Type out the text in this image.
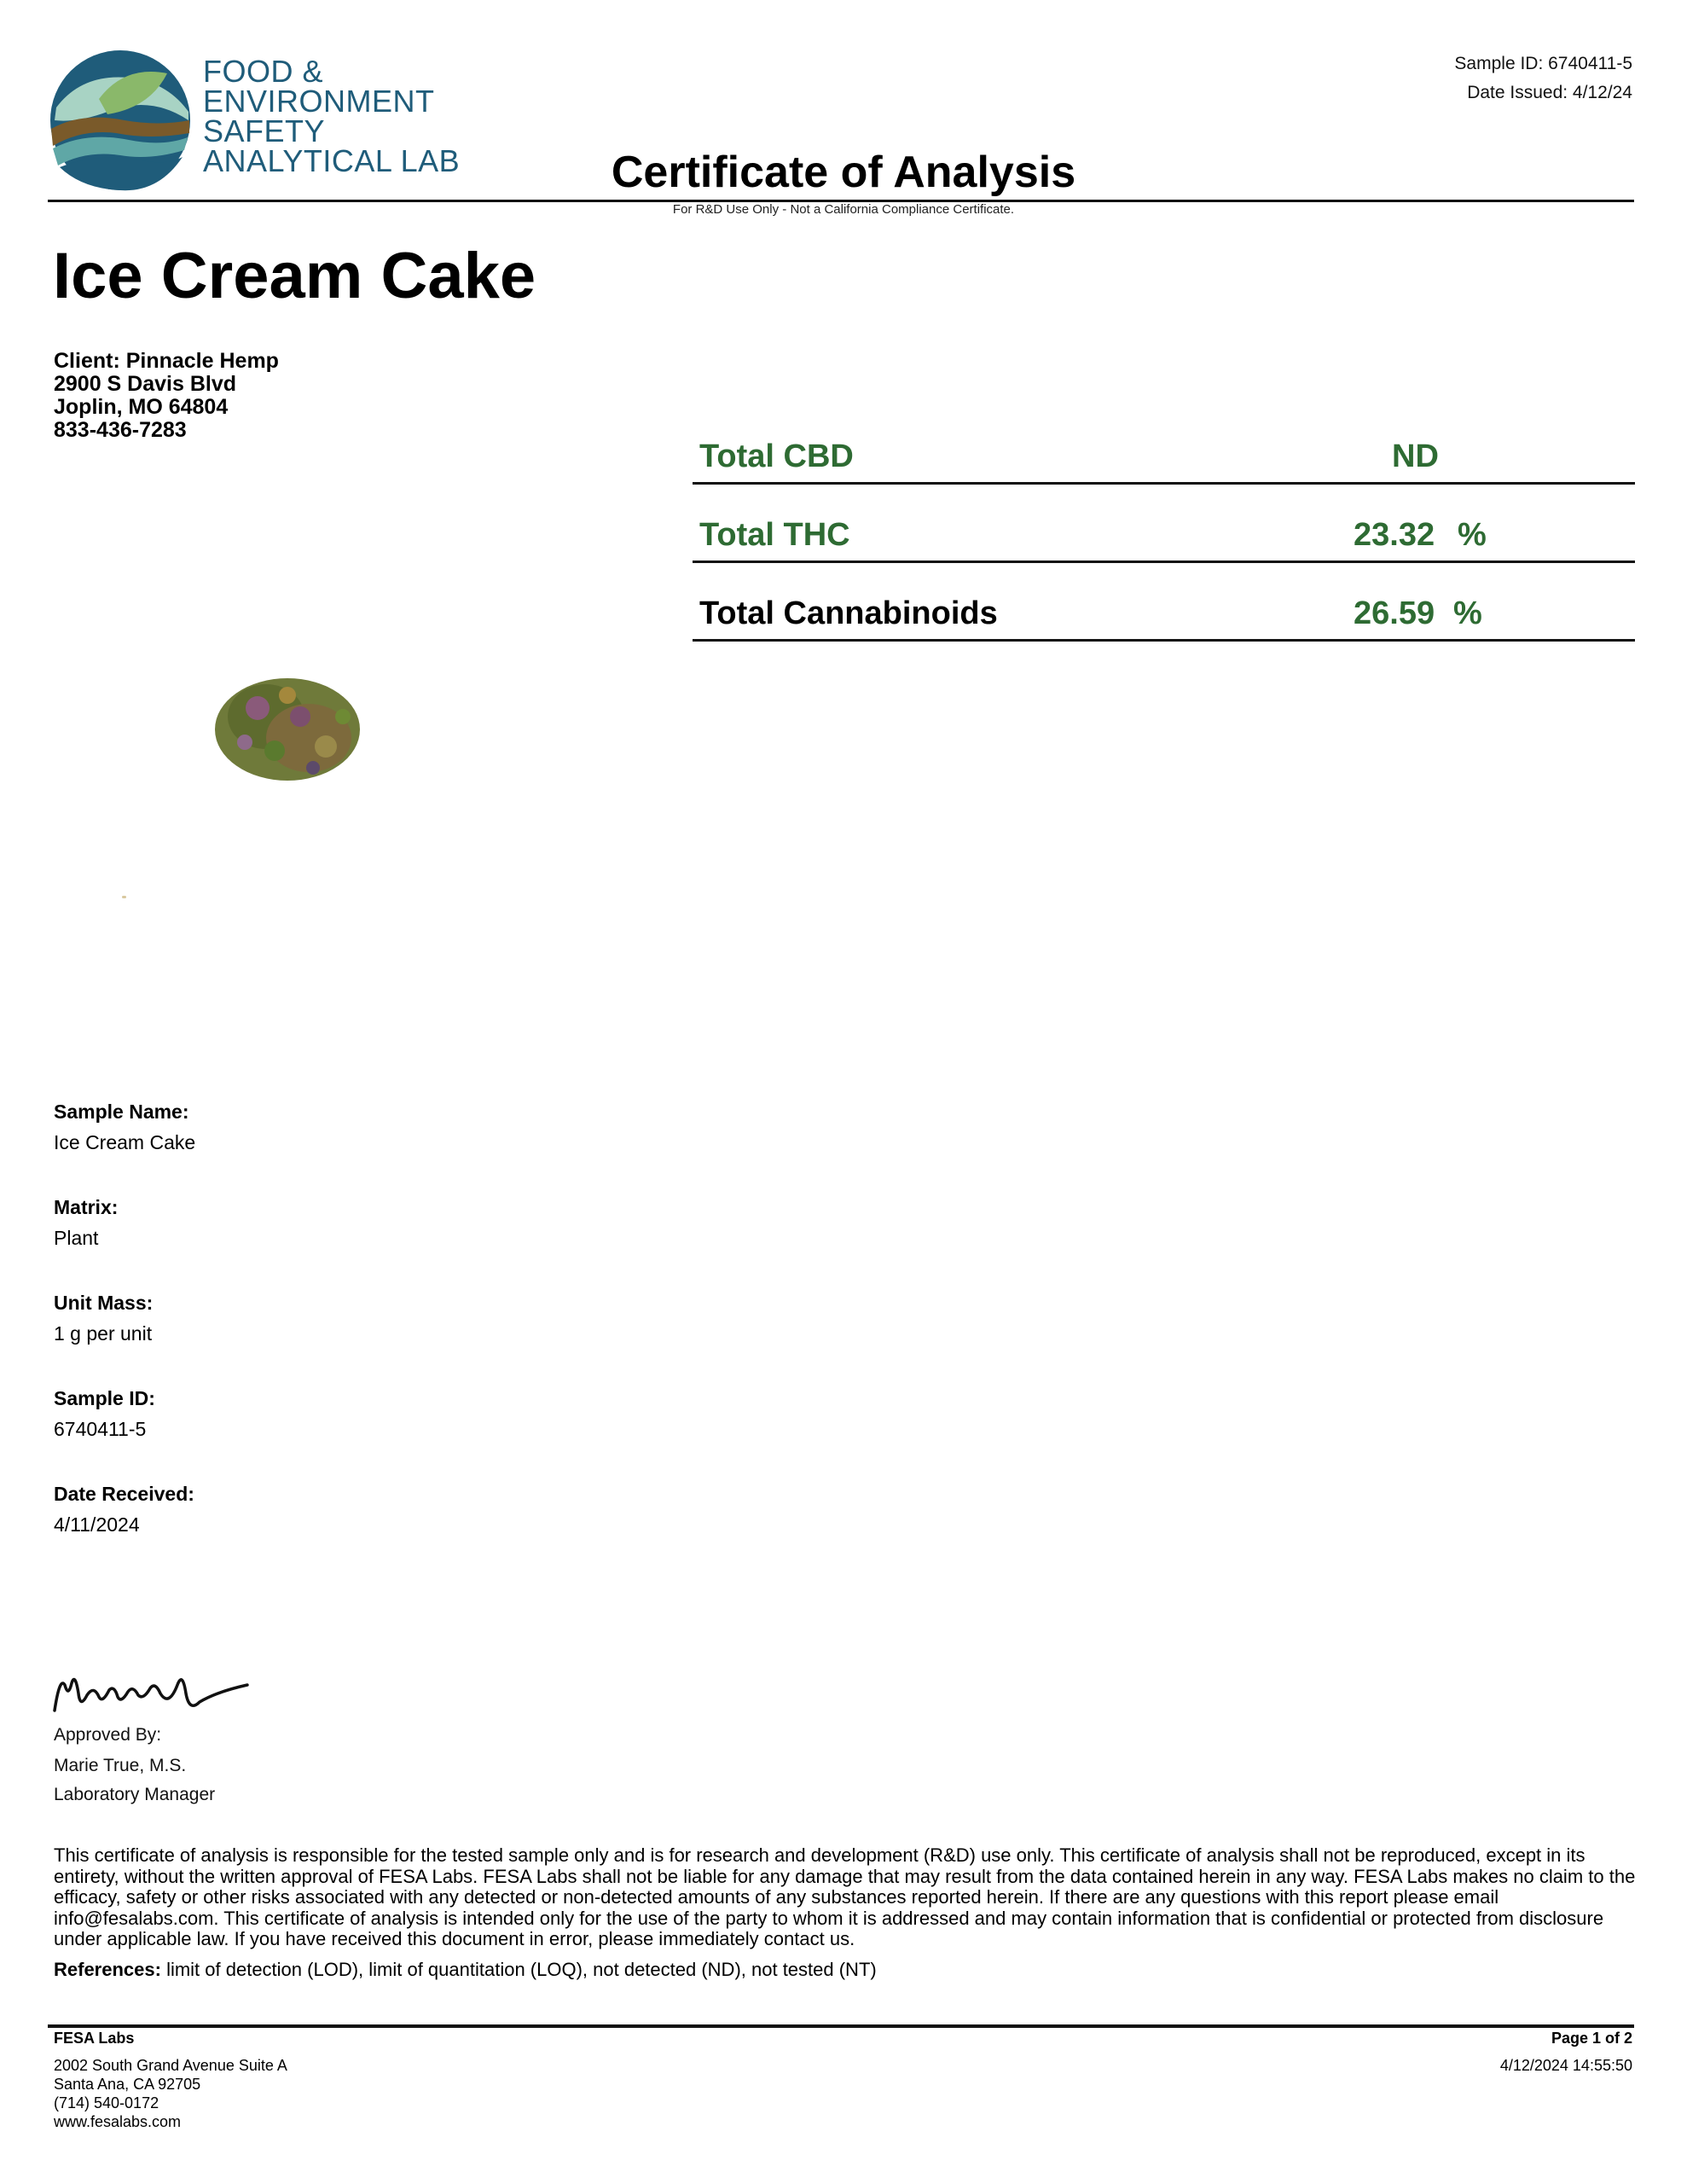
FOOD &
ENVIRONMENT
SAFETY
ANALYTICAL LAB
Sample ID: 6740411-5
Date Issued: 4/12/24
Certificate of Analysis
For R&D Use Only - Not a California Compliance Certificate.
Ice Cream Cake
Client: Pinnacle Hemp
2900 S Davis Blvd
Joplin, MO 64804
833-436-7283
Total CBD	ND
Total THC	23.32 %
Total Cannabinoids	26.59 %
Sample Name:
Ice Cream Cake
Matrix:
Plant
Unit Mass:
1 g per unit
Sample ID:
6740411-5
Date Received:
4/11/2024
Approved By:
Marie True, M.S.
Laboratory Manager
This certificate of analysis is responsible for the tested sample only and is for research and development (R&D) use only. This certificate of analysis shall not be reproduced, except in its entirety, without the written approval of FESA Labs. FESA Labs shall not be liable for any damage that may result from the data contained herein in any way. FESA Labs makes no claim to the efficacy, safety or other risks associated with any detected or non-detected amounts of any substances reported herein. If there are any questions with this report please email info@fesalabs.com. This certificate of analysis is intended only for the use of the party to whom it is addressed and may contain information that is confidential or protected from disclosure under applicable law. If you have received this document in error, please immediately contact us.
References: limit of detection (LOD), limit of quantitation (LOQ), not detected (ND), not tested (NT)
FESA Labs
2002 South Grand Avenue Suite A
Santa Ana, CA 92705
(714) 540-0172
www.fesalabs.com
Page 1 of 2
4/12/2024 14:55:50
